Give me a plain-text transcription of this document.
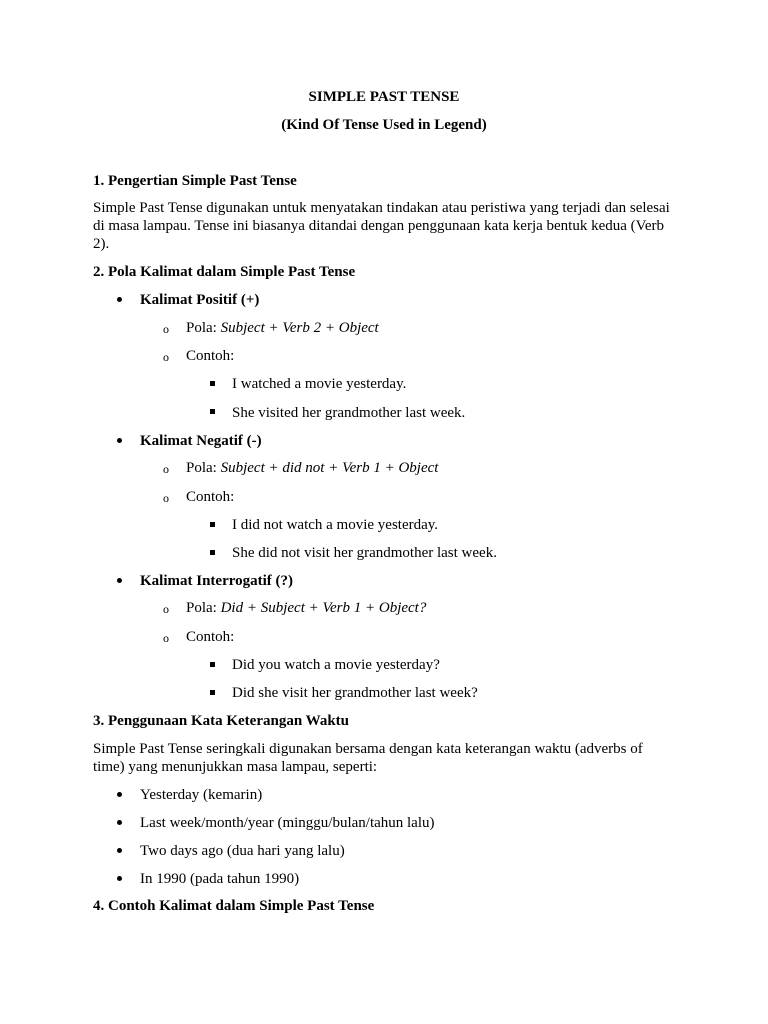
SIMPLE PAST TENSE
(Kind Of Tense Used in Legend)
1. Pengertian Simple Past Tense
Simple Past Tense digunakan untuk menyatakan tindakan atau peristiwa yang terjadi dan selesai di masa lampau. Tense ini biasanya ditandai dengan penggunaan kata kerja bentuk kedua (Verb 2).
2. Pola Kalimat dalam Simple Past Tense
Kalimat Positif (+)
o Pola: Subject + Verb 2 + Object
o Contoh:
I watched a movie yesterday.
She visited her grandmother last week.
Kalimat Negatif (-)
o Pola: Subject + did not + Verb 1 + Object
o Contoh:
I did not watch a movie yesterday.
She did not visit her grandmother last week.
Kalimat Interrogatif (?)
o Pola: Did + Subject + Verb 1 + Object?
o Contoh:
Did you watch a movie yesterday?
Did she visit her grandmother last week?
3. Penggunaan Kata Keterangan Waktu
Simple Past Tense seringkali digunakan bersama dengan kata keterangan waktu (adverbs of time) yang menunjukkan masa lampau, seperti:
Yesterday (kemarin)
Last week/month/year (minggu/bulan/tahun lalu)
Two days ago (dua hari yang lalu)
In 1990 (pada tahun 1990)
4. Contoh Kalimat dalam Simple Past Tense
